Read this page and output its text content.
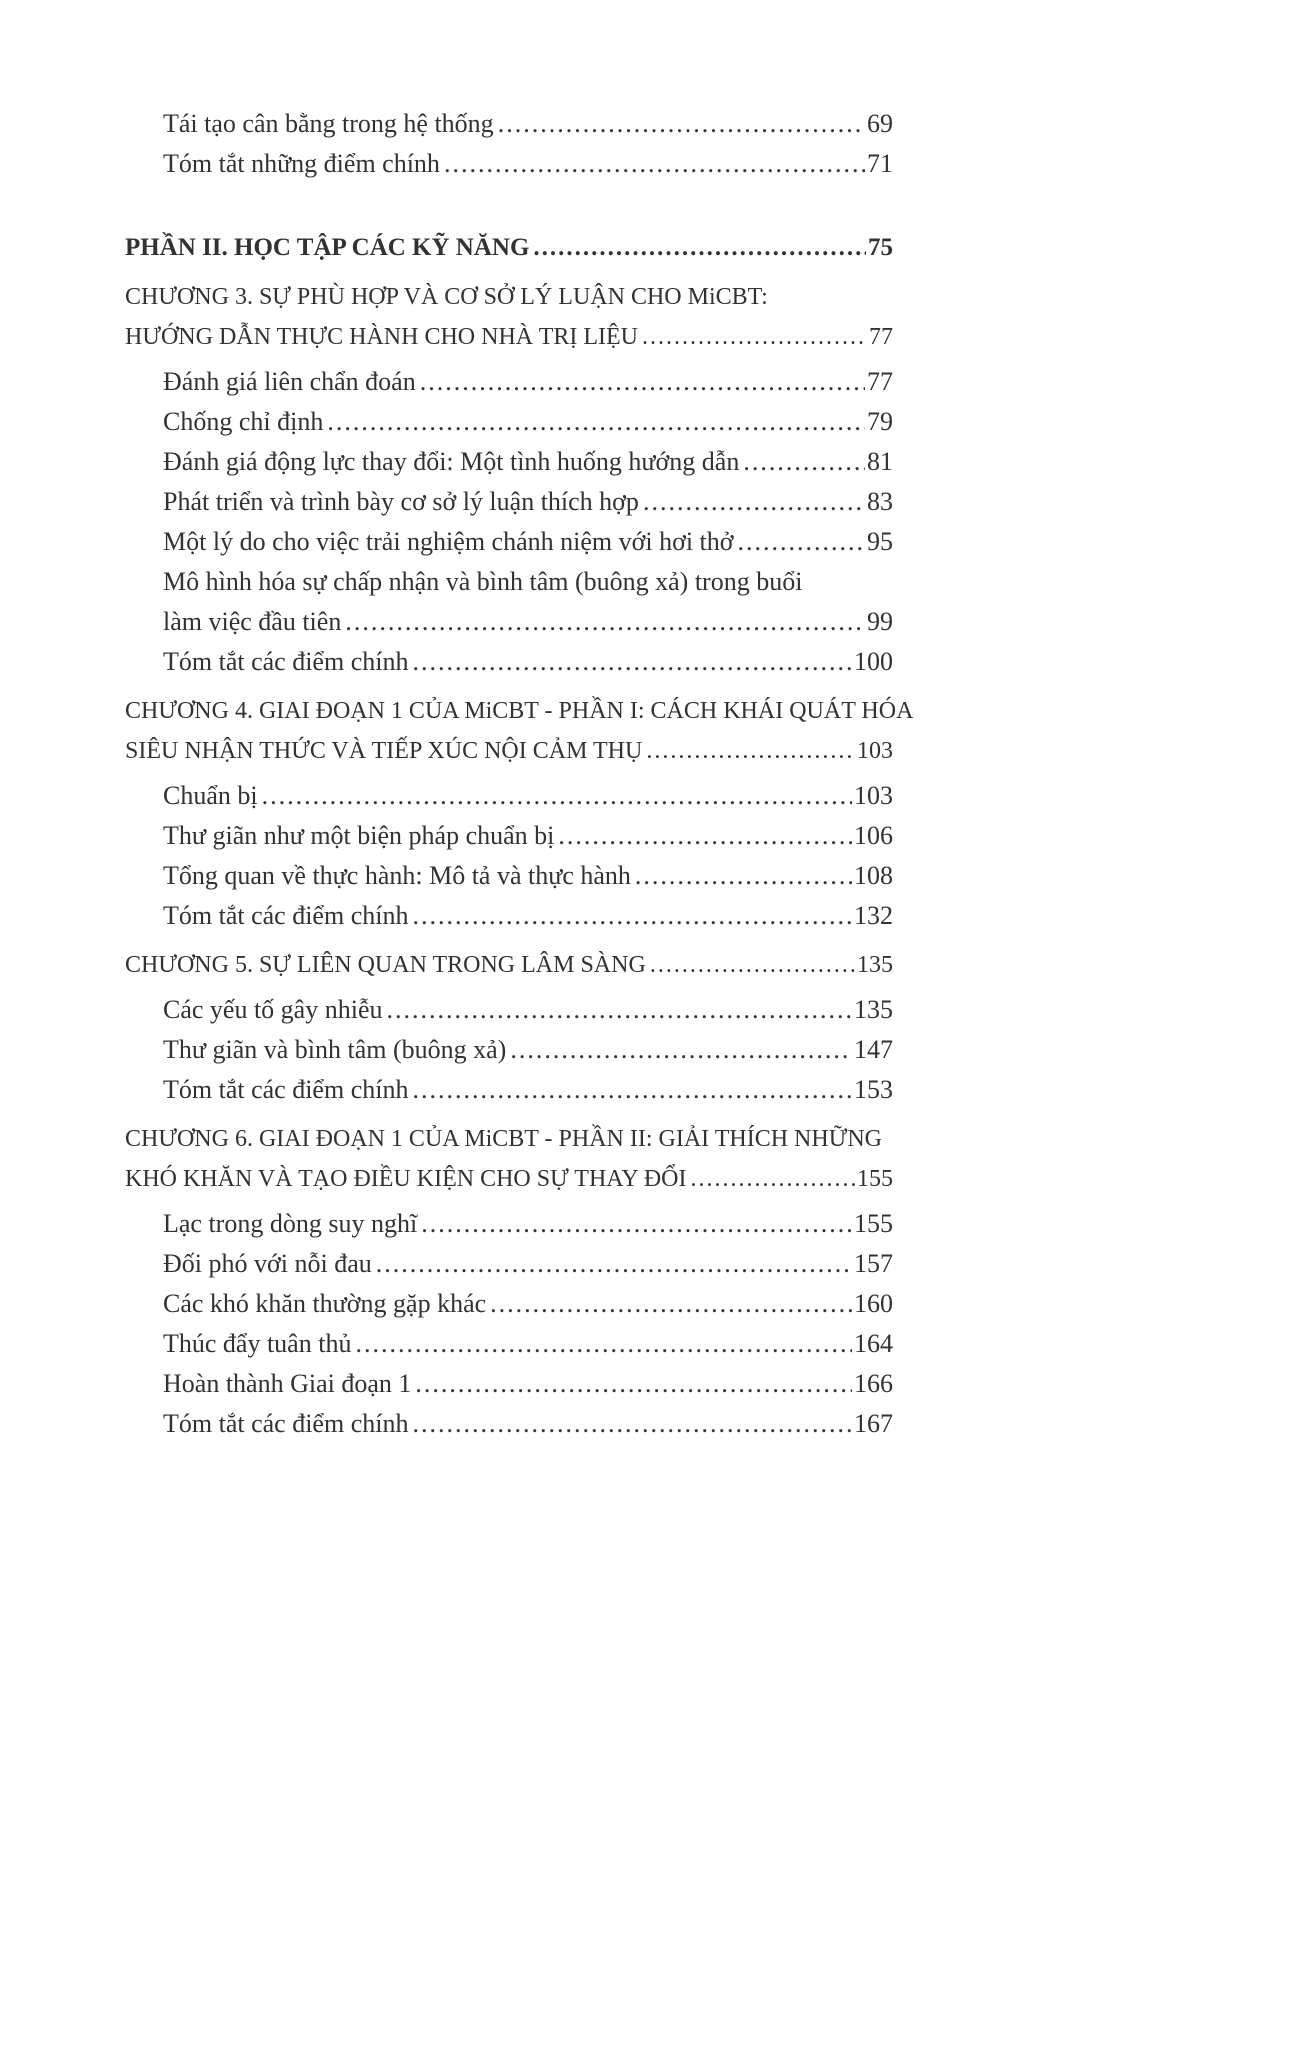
Tái tạo cân bằng trong hệ thống .....	69
Tóm tắt những điểm chính .....	71
PHẦN II. HỌC TẬP CÁC KỸ NĂNG .....	75
CHƯƠNG 3. SỰ PHÙ HỢP VÀ CƠ SỞ LÝ LUẬN CHO MiCBT:
HƯỚNG DẪN THỰC HÀNH CHO NHÀ TRỊ LIỆU .....	77
Đánh giá liên chẩn đoán .....	77
Chống chỉ định .....	79
Đánh giá động lực thay đổi: Một tình huống hướng dẫn .....	81
Phát triển và trình bày cơ sở lý luận thích hợp .....	83
Một lý do cho việc trải nghiệm chánh niệm với hơi thở .....	95
Mô hình hóa sự chấp nhận và bình tâm (buông xả) trong buổi
làm việc đầu tiên .....	99
Tóm tắt các điểm chính .....	100
CHƯƠNG 4. GIAI ĐOẠN 1 CỦA MiCBT - PHẦN I: CÁCH KHÁI QUÁT HÓA
SIÊU NHẬN THỨC VÀ TIẾP XÚC NỘI CẢM THỤ .....	103
Chuẩn bị .....	103
Thư giãn như một biện pháp chuẩn bị .....	106
Tổng quan về thực hành: Mô tả và thực hành .....	108
Tóm tắt các điểm chính .....	132
CHƯƠNG 5. SỰ LIÊN QUAN TRONG LÂM SÀNG .....	135
Các yếu tố gây nhiễu .....	135
Thư giãn và bình tâm (buông xả) .....	147
Tóm tắt các điểm chính .....	153
CHƯƠNG 6. GIAI ĐOẠN 1 CỦA MiCBT - PHẦN II: GIẢI THÍCH NHỮNG
KHÓ KHĂN VÀ TẠO ĐIỀU KIỆN CHO SỰ THAY ĐỔI .....	155
Lạc trong dòng suy nghĩ .....	155
Đối phó với nỗi đau .....	157
Các khó khăn thường gặp khác .....	160
Thúc đẩy tuân thủ .....	164
Hoàn thành Giai đoạn 1 .....	166
Tóm tắt các điểm chính .....	167
